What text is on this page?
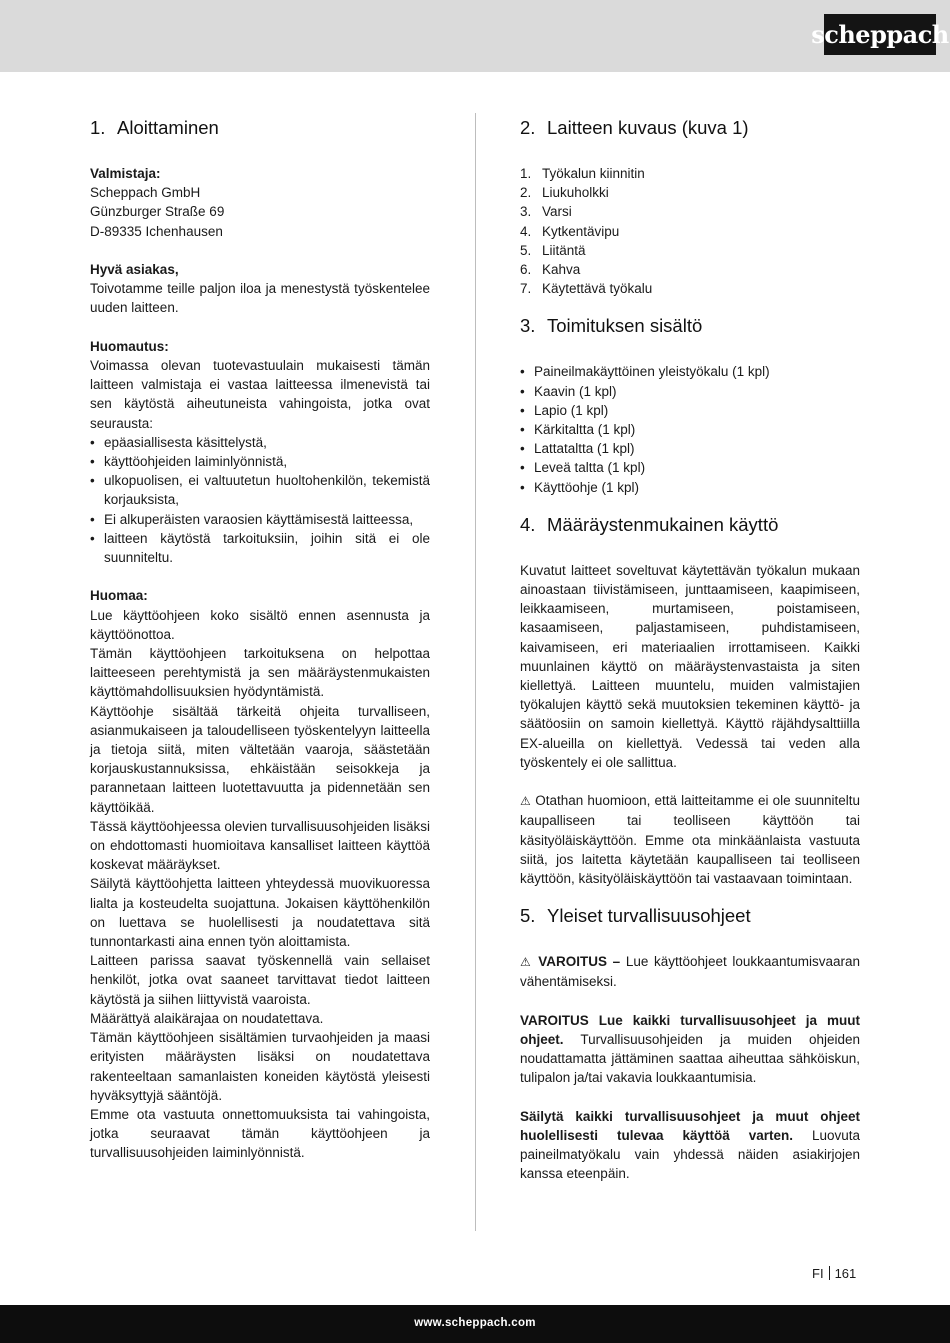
scheppach
1. Aloittaminen

Valmistaja:

Scheppach GmbH

Günzburger Straße 69

D-89335 Ichenhausen

Hyvä asiakas,

Toivotamme teille paljon iloa ja menestystä työskentelee uuden laitteen.

Huomautus:

Voimassa olevan tuotevastuulain mukaisesti tämän laitteen valmistaja ei vastaa laitteessa ilmenevistä tai sen käytöstä aiheutuneista vahingoista, jotka ovat seurausta:

• epäasiallisesta käsittelystä,
• käyttöohjeiden laiminlyönnistä,
• ulkopuolisen, ei valtuutetun huoltohenkilön, tekemistä korjauksista,
• Ei alkuperäisten varaosien käyttämisestä laitteessa,
• laitteen käytöstä tarkoituksiin, joihin sitä ei ole suunniteltu.

Huomaa:

Lue käyttöohjeen koko sisältö ennen asennusta ja käyttöönottoa.

Tämän käyttöohjeen tarkoituksena on helpottaa laitteeseen perehtymistä ja sen määräystenmukaisten käyttömahdollisuuksien hyödyntämistä.

Käyttöohje sisältää tärkeitä ohjeita turvalliseen, asianmukaiseen ja taloudelliseen työskentelyyn laitteella ja tietoja siitä, miten vältetään vaaroja, säästetään korjauskustannuksissa, ehkäistään seisokkeja ja parannetaan laitteen luotettavuutta ja pidennetään sen käyttöikää.

Tässä käyttöohjeessa olevien turvallisuusohjeiden lisäksi on ehdottomasti huomioitava kansalliset laitteen käyttöä koskevat määräykset.

Säilytä käyttöohjetta laitteen yhteydessä muovikuoressa lialta ja kosteudelta suojattuna. Jokaisen käyttöhenkilön on luettava se huolellisesti ja noudatettava sitä tunnontarkasti aina ennen työn aloittamista.

Laitteen parissa saavat työskennellä vain sellaiset henkilöt, jotka ovat saaneet tarvittavat tiedot laitteen käytöstä ja siihen liittyvistä vaaroista.

Määrättyä alaikärajaa on noudatettava.

Tämän käyttöohjeen sisältämien turvaohjeiden ja maasi erityisten määräysten lisäksi on noudatettava rakenteeltaan samanlaisten koneiden käytöstä yleisesti hyväksyttyjä sääntöjä.

Emme ota vastuuta onnettomuuksista tai vahingoista, jotka seuraavat tämän käyttöohjeen ja turvallisuusohjeiden laiminlyönnistä.

2. Laitteen kuvaus (kuva 1)
1. Työkalun kiinnitin
2. Liukuholkki
3. Varsi
4. Kytkentävipu
5. Liitäntä
6. Kahva
7. Käytettävä työkalu
3. Toimituksen sisältö
• Paineilmakäyttöinen yleistyökalu (1 kpl)
• Kaavin (1 kpl)
• Lapio (1 kpl)
• Kärkitaltta (1 kpl)
• Lattataltta (1 kpl)
• Leveä taltta (1 kpl)
• Käyttöohje (1 kpl)
4. Määräystenmukainen käyttö

Kuvatut laitteet soveltuvat käytettävän työkalun mukaan ainoastaan tiivistämiseen, junttaamiseen, kaapimiseen, leikkaamiseen, murtamiseen, poistamiseen, kasaamiseen, paljastamiseen, puhdistamiseen, kaivamiseen, eri materiaalien irrottamiseen. Kaikki muunlainen käyttö on määräystenvastaista ja siten kiellettyä. Laitteen muuntelu, muiden valmistajien työkalujen käyttö sekä muutoksien tekeminen käyttö- ja säätöosiin on samoin kiellettyä. Käyttö räjähdysalttiilla EX-alueilla on kiellettyä. Vedessä tai veden alla työskentely ei ole sallittua.

⚠ Otathan huomioon, että laitteitamme ei ole suunniteltu kaupalliseen tai teolliseen käyttöön tai käsityöläiskäyttöön. Emme ota minkäänlaista vastuuta siitä, jos laitetta käytetään kaupalliseen tai teolliseen käyttöön, käsityöläiskäyttöön tai vastaavaan toimintaan.

5. Yleiset turvallisuusohjeet

⚠ VAROITUS – Lue käyttöohjeet loukkaantumisvaaran vähentämiseksi.

VAROITUS Lue kaikki turvallisuusohjeet ja muut ohjeet. Turvallisuusohjeiden ja muiden ohjeiden noudattamatta jättäminen saattaa aiheuttaa sähköiskun, tulipalon ja/tai vakavia loukkaantumisia.

Säilytä kaikki turvallisuusohjeet ja muut ohjeet huolellisesti tulevaa käyttöä varten. Luovuta paineilmatyökalu vain yhdessä näiden asiakirjojen kanssa eteenpäin.

FI 161
www.scheppach.com
